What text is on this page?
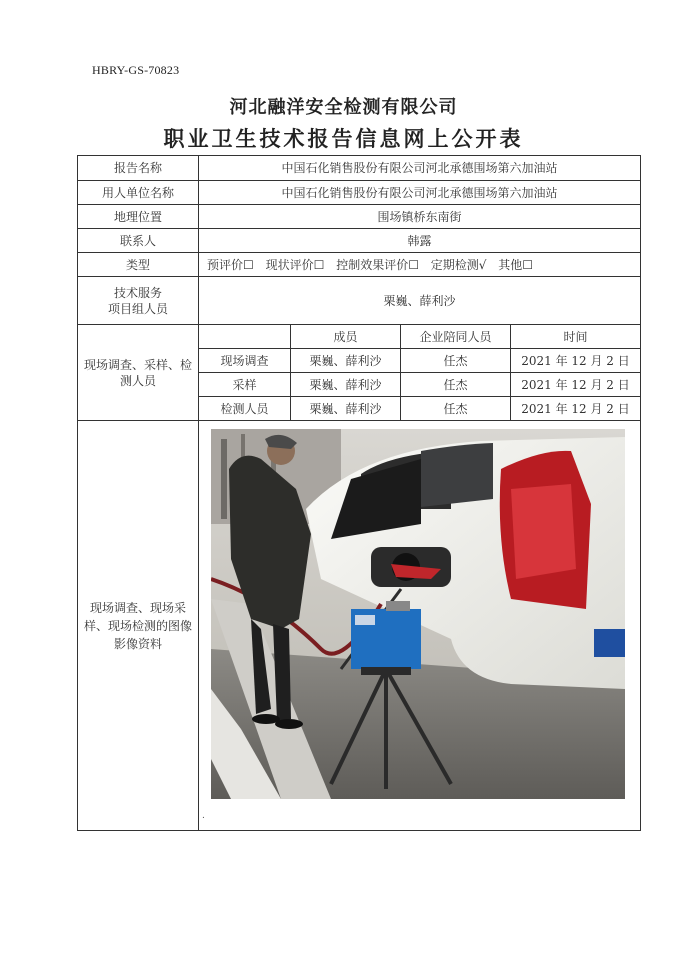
HBRY-GS-70823
河北融洋安全检测有限公司
职业卫生技术报告信息网上公开表
报告名称	中国石化销售股份有限公司河北承德围场第六加油站			
用人单位名称	中国石化销售股份有限公司河北承德围场第六加油站			
地理位置	围场镇桥东南街			
联系人	韩露			
类型	预评价☐ 现状评价☐ 控制效果评价☐ 定期检测√ 其他☐			

技术服务
项目组人员	栗巍、薛利沙			
现场调查、采样、检测人员		成员	企业陪同人员	时间
	现场调查	栗巍、薛利沙	任杰	2021 年 12 月 2 日
	采样	栗巍、薛利沙	任杰	2021 年 12 月 2 日
	检测人员	栗巍、薛利沙	任杰	2021 年 12 月 2 日
现场调查、现场采样、现场检测的图像影像资料	
.
